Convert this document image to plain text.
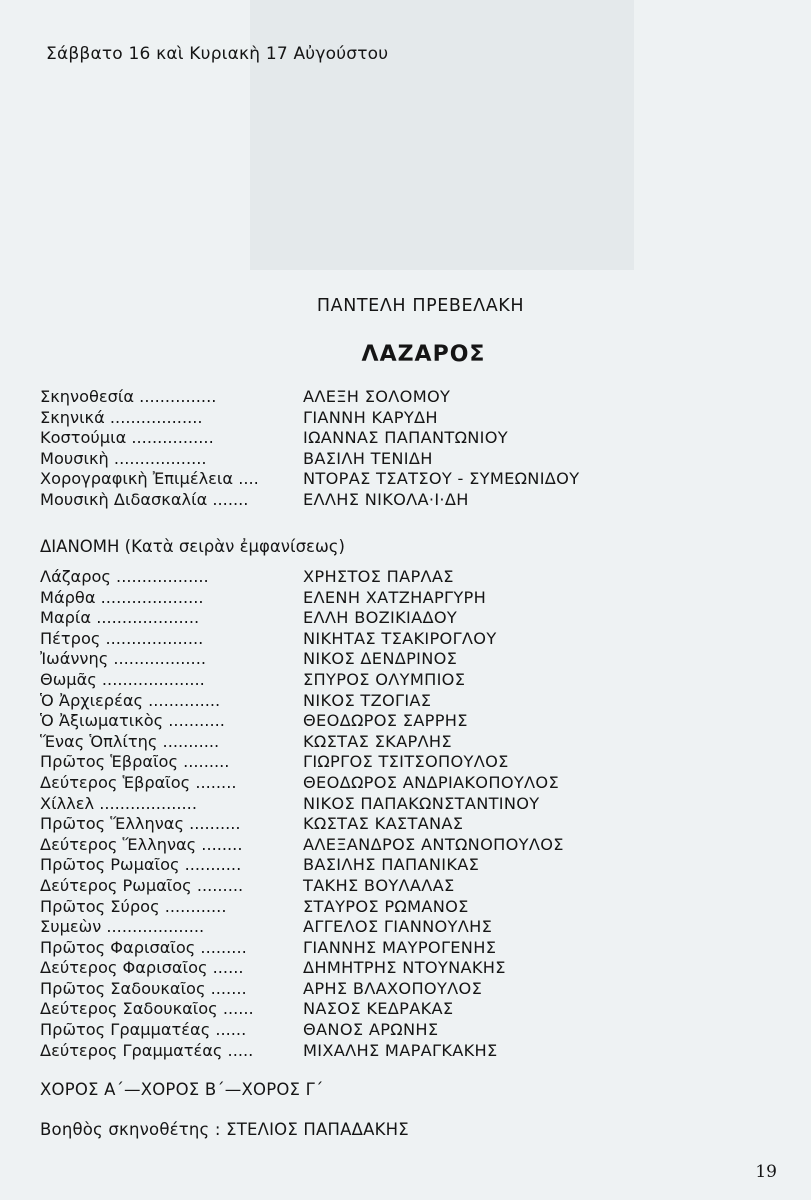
Σάββατο 16 καὶ Κυριακὴ 17 Αὐγούστου
ΠΑΝΤΕΛΗ ΠΡΕΒΕΛΑΚΗ
ΛΑΖΑΡΟΣ
Σκηνοθεσία ...............	ΑΛΕΞΗ ΣΟΛΟΜΟΥ
Σκηνικά ..................	ΓΙΑΝΝΗ ΚΑΡΥΔΗ
Κοστούμια ................	ΙΩΑΝΝΑΣ ΠΑΠΑΝΤΩΝΙΟΥ
Μουσικὴ ..................	ΒΑΣΙΛΗ ΤΕΝΙΔΗ
Χορογραφικὴ Ἐπιμέλεια ....	ΝΤΟΡΑΣ ΤΣΑΤΣΟΥ - ΣΥΜΕΩΝΙΔΟΥ
Μουσικὴ Διδασκαλία .......	ΕΛΛΗΣ ΝΙΚΟΛΑ·Ι·ΔΗ
ΔΙΑΝΟΜΗ (Κατὰ σειρὰν ἐμφανίσεως)
Λάζαρος ..................	ΧΡΗΣΤΟΣ ΠΑΡΛΑΣ
Μάρθα ....................	ΕΛΕΝΗ ΧΑΤΖΗΑΡΓΥΡΗ
Μαρία ....................	ΕΛΛΗ ΒΟΖΙΚΙΑΔΟΥ
Πέτρος ...................	ΝΙΚΗΤΑΣ ΤΣΑΚΙΡΟΓΛΟΥ
Ἰωάννης ..................	ΝΙΚΟΣ ΔΕΝΔΡΙΝΟΣ
Θωμᾶς ....................	ΣΠΥΡΟΣ ΟΛΥΜΠΙΟΣ
Ὁ Ἀρχιερέας ..............	ΝΙΚΟΣ ΤΖΟΓΙΑΣ
Ὁ Ἀξιωματικὸς ...........	ΘΕΟΔΩΡΟΣ ΣΑΡΡΗΣ
Ἕνας Ὁπλίτης ...........	ΚΩΣΤΑΣ ΣΚΑΡΛΗΣ
Πρῶτος Ἑβραῖος .........	ΓΙΩΡΓΟΣ ΤΣΙΤΣΟΠΟΥΛΟΣ
Δεύτερος Ἑβραῖος ........	ΘΕΟΔΩΡΟΣ ΑΝΔΡΙΑΚΟΠΟΥΛΟΣ
Χίλλελ ...................	ΝΙΚΟΣ ΠΑΠΑΚΩΝΣΤΑΝΤΙΝΟΥ
Πρῶτος Ἕλληνας ..........	ΚΩΣΤΑΣ ΚΑΣΤΑΝΑΣ
Δεύτερος Ἕλληνας ........	ΑΛΕΞΑΝΔΡΟΣ ΑΝΤΩΝΟΠΟΥΛΟΣ
Πρῶτος Ρωμαῖος ...........	ΒΑΣΙΛΗΣ ΠΑΠΑΝΙΚΑΣ
Δεύτερος Ρωμαῖος .........	ΤΑΚΗΣ ΒΟΥΛΑΛΑΣ
Πρῶτος Σύρος ............	ΣΤΑΥΡΟΣ ΡΩΜΑΝΟΣ
Συμεὼν ...................	ΑΓΓΕΛΟΣ ΓΙΑΝΝΟΥΛΗΣ
Πρῶτος Φαρισαῖος .........	ΓΙΑΝΝΗΣ ΜΑΥΡΟΓΕΝΗΣ
Δεύτερος Φαρισαῖος ......	ΔΗΜΗΤΡΗΣ ΝΤΟΥΝΑΚΗΣ
Πρῶτος Σαδουκαῖος .......	ΑΡΗΣ ΒΛΑΧΟΠΟΥΛΟΣ
Δεύτερος Σαδουκαῖος ......	ΝΑΣΟΣ ΚΕΔΡΑΚΑΣ
Πρῶτος Γραμματέας ......	ΘΑΝΟΣ ΑΡΩΝΗΣ
Δεύτερος Γραμματέας .....	ΜΙΧΑΛΗΣ ΜΑΡΑΓΚΑΚΗΣ
ΧΟΡΟΣ Α΄—ΧΟΡΟΣ Β΄—ΧΟΡΟΣ Γ΄
Βοηθὸς σκηνοθέτης : ΣΤΕΛΙΟΣ ΠΑΠΑΔΑΚΗΣ
19
